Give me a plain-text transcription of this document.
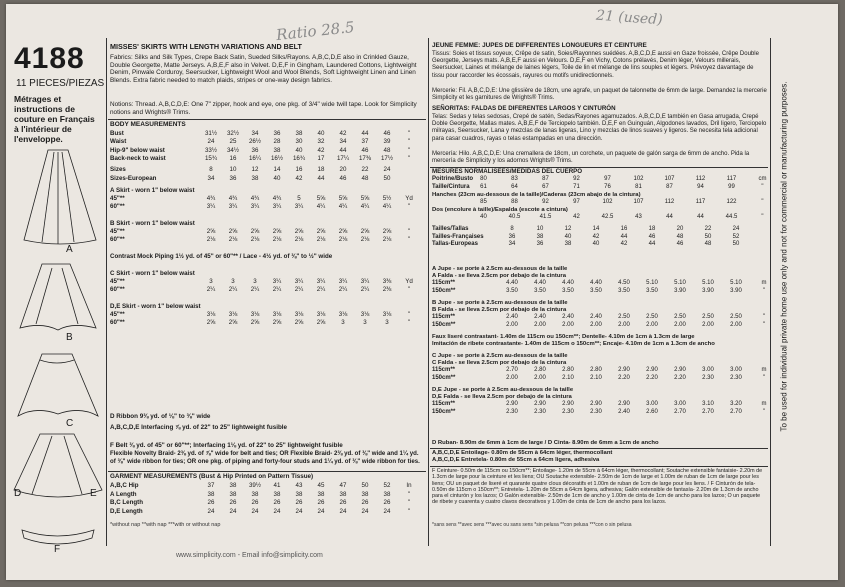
4188
11 PIECES/PIEZAS
Métrages et instructions de couture en Français à l'intérieur de l'enveloppe.
Ratio 28.5	21 (used)
A
B
C
D	E
F
MISSES' SKIRTS WITH LENGTH VARIATIONS AND BELT
Fabrics: Silks and Silk Types, Crepe Back Satin, Sueded Silks/Rayons. A,B,C,D,E also in Crinkled Gauze, Double Georgette, Matte Jerseys. A,B,E,F also in Velvet. D,E,F in Gingham, Laundered Cottons, Lightweight Denim, Pinwale Corduroy, Seersucker, Lightweight Wool and Wool Blends, Soft Lightweight Linen and Linen Blends. Extra fabric needed to match plaids, stripes or one-way design fabrics.
Notions: Thread. A,B,C,D,E: One 7" zipper, hook and eye, one pkg. of 3/4" wide twill tape. Look for Simplicity notions and Wrights® Trims.
BODY MEASUREMENTS
D Ribbon 9⅜ yd. of ⅛" to ⅜" wide
A,B,C,D,E Interfacing ⅞ yd. of 22" to 25" lightweight fusible
F Belt ⅜ yd. of 45" or 60"**; Interfacing 1⅛ yd. of 22" to 25" lightweight fusible
Flexible Novelty Braid- 2⅜ yd. of ⅞" wide for belt and ties; OR Flexible Braid- 2⅜ yd. of ⅜" wide and 1¼ yd. of ⅜" wide ribbon for ties; OR one pkg. of piping and forty-four studs and 1¼ yd. of ⅜" wide ribbon for ties.
GARMENT MEASUREMENTS (Bust & Hip Printed on Pattern Tissue)
*without nap **with nap ***with or without nap
JEUNE FEMME: JUPES DE DIFFERENTES LONGUEURS ET CEINTURE
Tissus: Soies et tissus soyeux, Crêpe de satin, Soies/Rayonnes suédées. A,B,C,D,E aussi en Gaze froissée, Crêpe Double Georgette, Jerseys mats. A,B,E,F aussi en Velours. D,E,F en Vichy, Cotons prélavés, Denim léger, Velours millerais, Seersucker, Laines et mélange de laines légers, Toile de lin et mélange de lins souples et légers. Prévoyez davantage de tissu pour raccorder les écossais, rayures ou motifs unidirectionnels.
Mercerie: Fil. A,B,C,D,E: Une glissière de 18cm, une agrafe, un paquet de talonnette de 6mm de large. Demandez la mercerie Simplicity et les garnitures de Wrights® Trims.
SEÑORITAS: FALDAS DE DIFERENTES LARGOS Y CINTURÓN
Telas: Sedas y telas sedosas, Crepé de satén, Sedas/Rayones agamuzados. A,B,C,D,E también en Gasa arrugada, Crepé Doble Georgette, Mallas mates. A,B,E,F de Terciopelo también. D,E,F en Guinguán, Algodones lavados, Dril ligero, Terciopelo milrayas, Seersucker, Lana y mezclas de lanas ligeras, Lino y mezclas de linos suaves y ligeros. Se necesita tela adicional para casar cuadros, rayas o telas estampadas en una dirección.
Mercería: Hilo. A,B,C,D,E: Una cremallera de 18cm, un corchete, un paquete de galón sarga de 6mm de ancho. Pida la mercería de Simplicity y los adornos Wrights® Trims.
MESURES NORMALISEES/MEDIDAS DEL CUERPO
D Ruban- 8.90m de 6mm à 1cm de large / D Cinta- 8.90m de 6mm a 1cm de ancho
A,B,C,D,E Entoilage- 0.80m de 55cm à 64cm léger, thermocollant
A,B,C,D,E Entretela- 0.80m de 55cm a 64cm ligera, adhesiva
F Ceinture- 0.50m de 115cm ou 150cm**; Entoilage- 1.20m de 55cm à 64cm léger, thermocollant; Soutache extensible fantaisie- 2.20m de 1.3cm de large pour la ceinture et les liens; OU Soutache extensible- 2.50m de 1cm de large et 1.00m de ruban de 1cm de large pour les liens; OU un paquet de liseré et quarante quatre clous décoratifs et 1.00m de ruban de 1cm de large pour les liens. / F Cinturón de tela- 0.50m de 115cm o 150cm**; Entretela- 1.20m de 55cm a 64cm ligera, adhesiva; Galón extensible de fantasía- 2.20m de 1.3cm de ancho para el cinturón y los lazos; O Galón extensible- 2.50m de 1cm de ancho y 1.00m de cinta de 1cm de ancho para los lazos; O un paquete de ribete y cuarenta y cuatro clavos decorativos y 1.00m de cinta de 1cm de ancho para los lazos.
*sans sens **avec sens ***avec ou sans sens *sin pelusa **con pelusa ***con o sin pelusa
To be used for individual private home use only and not for commercial or manufacturing purposes.
www.simplicity.com - Email info@simplicity.com
Bust	31½	32½	34	36	38	40	42	44	46	"
Waist	24	25	26½	28	30	32	34	37	39	"
Hip-9" below waist	33½	34½	36	38	40	42	44	46	48	"
Back-neck to waist	15¾	16	16¼	16½	16¾	17	17¼	17⅜	17½	"
Sizes	8	10	12	14	16	18	20	22	24
Sizes-European	34	36	38	40	42	44	46	48	50
A Skirt - worn 1" below waist
45"**	4¾	4¾	4¾	4¾	5	5⅝	5⅝	5⅝	5½	Yd
60"**	3¼	3¼	3¼	3¼	3¼	4¼	4¼	4¼	4¼	"
B Skirt - worn 1" below waist
45"**	2⅝	2⅝	2⅝	2⅝	2⅝	2⅝	2⅝	2⅝	2⅝	"
60"**	2⅛	2⅛	2⅛	2⅛	2⅛	2⅛	2⅛	2⅛	2⅛	"
Contrast Mock Piping 1½ yd. of 45" or 60"** / Lace - 4½ yd. of ⅜" to ½" wide
C Skirt - worn 1" below waist
45"**	3	3	3	3¼	3¼	3¼	3¼	3¼	3⅜	Yd
60"**	2¼	2¼	2¼	2¼	2¼	2¼	2¼	2¼	2⅜	"
D,E Skirt - worn 1" below waist
45"**	3⅛	3⅛	3⅛	3⅛	3⅛	3⅛	3⅛	3⅛	3⅛	"
60"**	2⅝	2⅝	2⅝	2⅝	2⅝	2⅝	3	3	3	"
A,B,C Hip	37	38	39½	41	43	45	47	50	52	In
A Length	38	38	38	38	38	38	38	38	38	"
B,C Length	26	26	26	26	26	26	26	26	26	"
D,E Length	24	24	24	24	24	24	24	24	24	"
Poitrine/Busto	80	83	87	92	97	102	107	112	117	cm
Taille/Cintura	61	64	67	71	76	81	87	94	99	"
Hanches (23cm au-dessous de la taille)/Caderas (23cm abajo de la cintura)
85	88	92	97	102	107	112	117	122	"
Dos (encolure à taille)/Espalda (escote a cintura)
40	40.5	41.5	42	42.5	43	44	44	44.5	"
Tailles/Tallas	8	10	12	14	16	18	20	22	24
Tailles-Françaises	36	38	40	42	44	46	48	50	52
Tallas-Europeas	34	36	38	40	42	44	46	48	50
A Jupe - se porte à 2.5cm au-dessous de la taille
A Falda - se lleva 2.5cm por debajo de la cintura
115cm**	4.40	4.40	4.40	4.40	4.50	5.10	5.10	5.10	5.10	m
150cm**	3.50	3.50	3.50	3.50	3.50	3.50	3.90	3.90	3.90	"
B Jupe - se porte à 2.5cm au-dessous de la taille
B Falda - se lleva 2.5cm por debajo de la cintura
115cm**	2.40	2.40	2.40	2.40	2.50	2.50	2.50	2.50	2.50	"
150cm**	2.00	2.00	2.00	2.00	2.00	2.00	2.00	2.00	2.00	"
Faux liseré contrastant- 1.40m de 115cm ou 150cm**; Dentelle- 4.10m de 1cm à 1.3cm de large
Imitación de ribete contrastante- 1.40m de 115cm o 150cm**; Encaje- 4.10m de 1cm a 1.3cm de ancho
C Jupe - se porte à 2.5cm au-dessous de la taille
C Falda - se lleva 2.5cm por debajo de la cintura
115cm**	2.70	2.80	2.80	2.80	2.90	2.90	2.90	3.00	3.00	m
150cm**	2.00	2.00	2.10	2.10	2.20	2.20	2.20	2.30	2.30	"
D,E Jupe - se porte à 2.5cm au-dessous de la taille
D,E Falda - se lleva 2.5cm por debajo de la cintura
115cm**	2.90	2.90	2.90	2.90	2.90	3.00	3.00	3.10	3.20	m
150cm**	2.30	2.30	2.30	2.30	2.40	2.60	2.70	2.70	2.70	"
